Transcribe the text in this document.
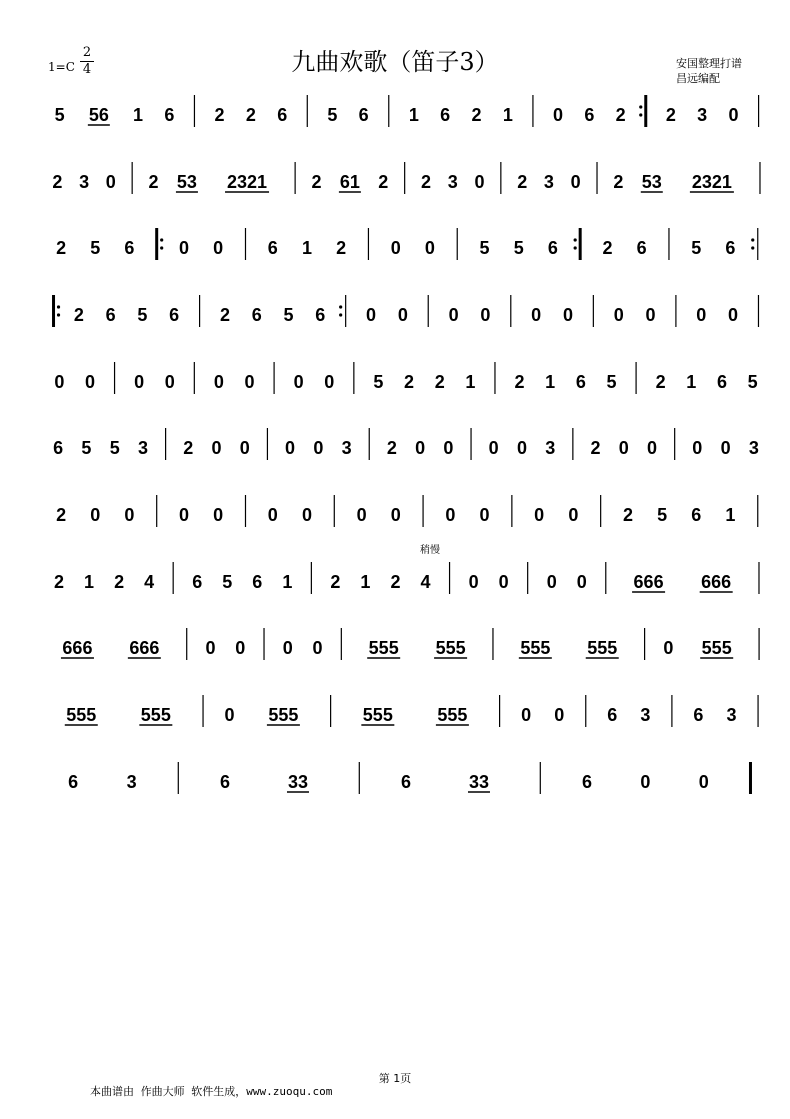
九曲欢歌（笛子3）
1=C
2
4	安国整理打谱
昌远编配
稍慢
5 56 1 6 2 2 6 5 6 1 6 2 1 0 6 2 2 3 0
2 3 0 2 53 2321 2 61 2 2 3 0 2 3 0 2 53 2321
2 5 6 0 0 6 1 2 0 0 5 5 6 2 6 5 6
2 6 5 6 2 6 5 6 0 0 0 0 0 0 0 0 0 0
0 0 0 0 0 0 0 0 5 2 2 1 2 1 6 5 2 1 6 5
6 5 5 3 2 0 0 0 0 3 2 0 0 0 0 3 2 0 0 0 0 3
2 0 0 0 0 0 0 0 0 0 0 0 0 2 5 6 1
2 1 2 4 6 5 6 1 2 1 2 4 0 0 0 0	666 666
666 666	0 0 0 0	555 555	555 555	0 555
555 555	0 555	555 555	0 0 6 3 6 3
6	3	6	33	6	33	6	0	0
第 1页
本曲谱由 作曲大师 软件生成，www.zuoqu.com
